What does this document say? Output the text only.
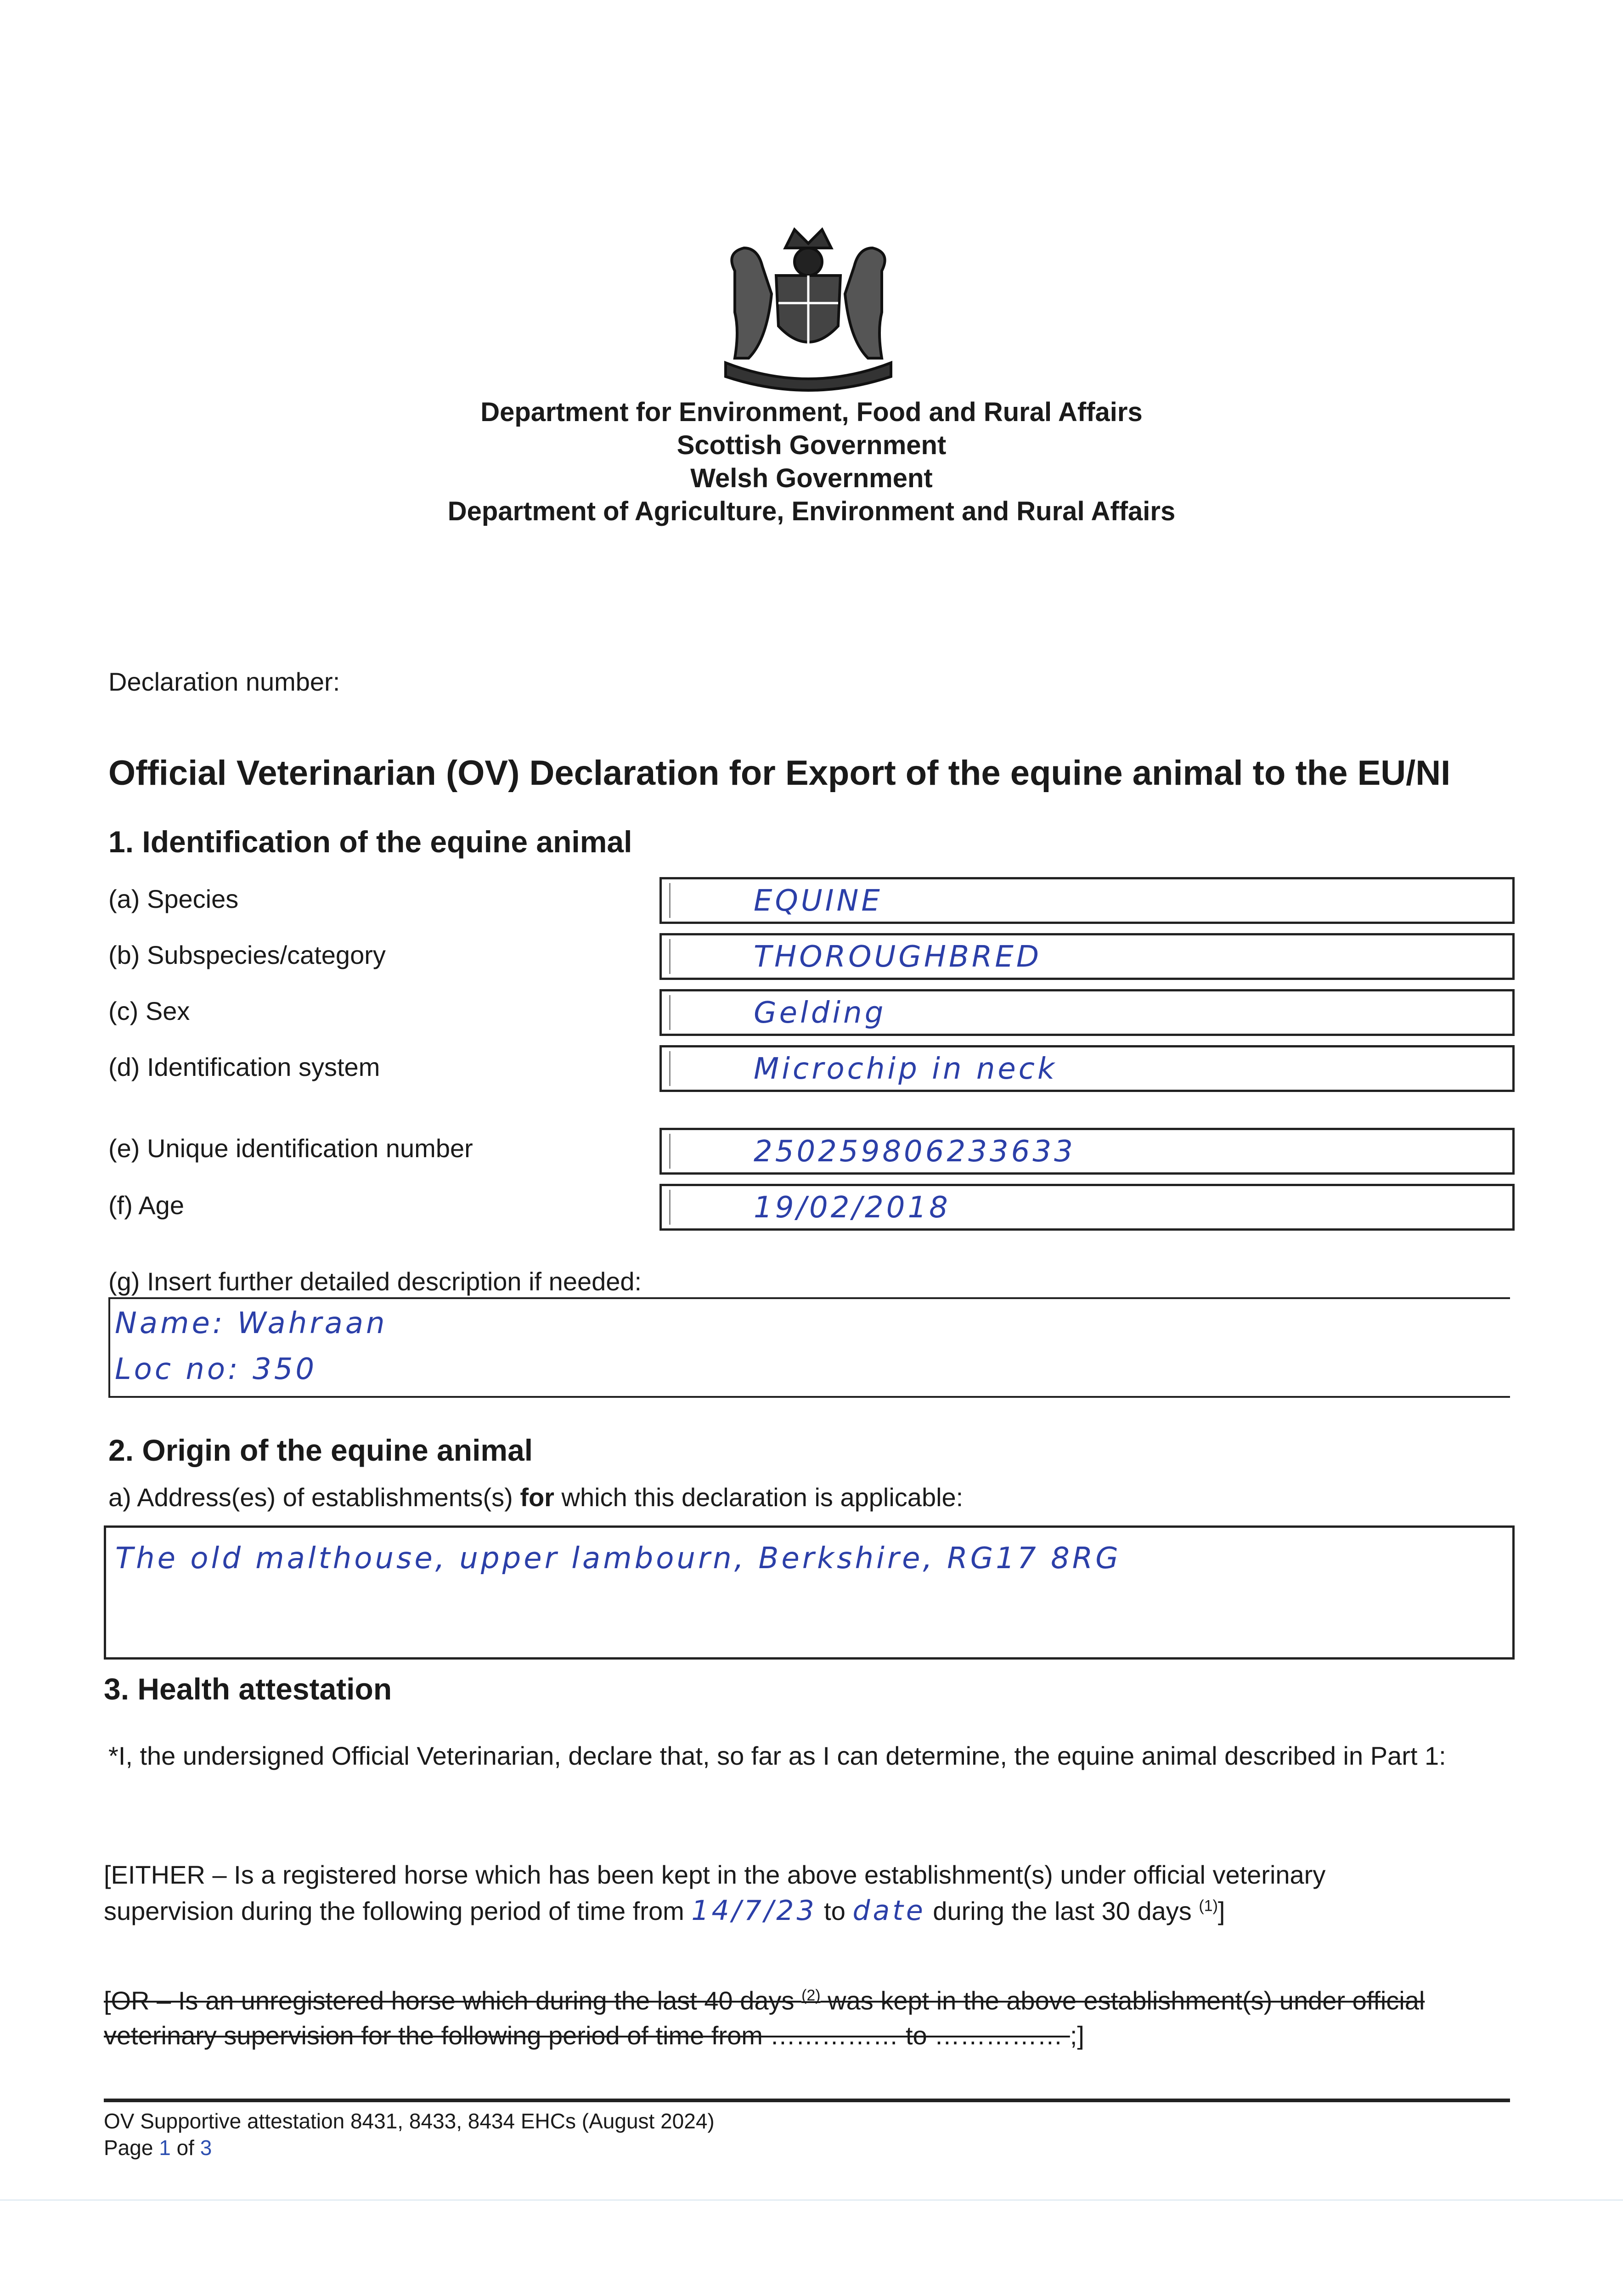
Department for Environment, Food and Rural Affairs
Scottish Government
Welsh Government
Department of Agriculture, Environment and Rural Affairs
Declaration number:
Official Veterinarian (OV) Declaration for Export of the equine animal to the EU/NI
1. Identification of the equine animal
(a) Species	EQUINE
(b) Subspecies/category	THOROUGHBRED
(c) Sex	Gelding
(d) Identification system	Microchip in neck
(e) Unique identification number	250259806233633
(f) Age	19/02/2018
(g) Insert further detailed description if needed:
Name: Wahraan
Loc no: 350
2. Origin of the equine animal
a) Address(es) of establishments(s) for which this declaration is applicable:
The old malthouse, upper lambourn, Berkshire, RG17 8RG
3. Health attestation
*I, the undersigned Official Veterinarian, declare that, so far as I can determine, the equine animal described in Part 1:
[EITHER – Is a registered horse which has been kept in the above establishment(s) under official veterinary
supervision during the following period of time from 14/7/23 to date during the last 30 days $^{(1)}$]
[OR – Is an unregistered horse which during the last 40 days $^{(2)}$ was kept in the above establishment(s) under official
veterinary supervision for the following period of time from …………… to …………… ;]
OV Supportive attestation 8431, 8433, 8434 EHCs (August 2024)
Page 1 of 3
